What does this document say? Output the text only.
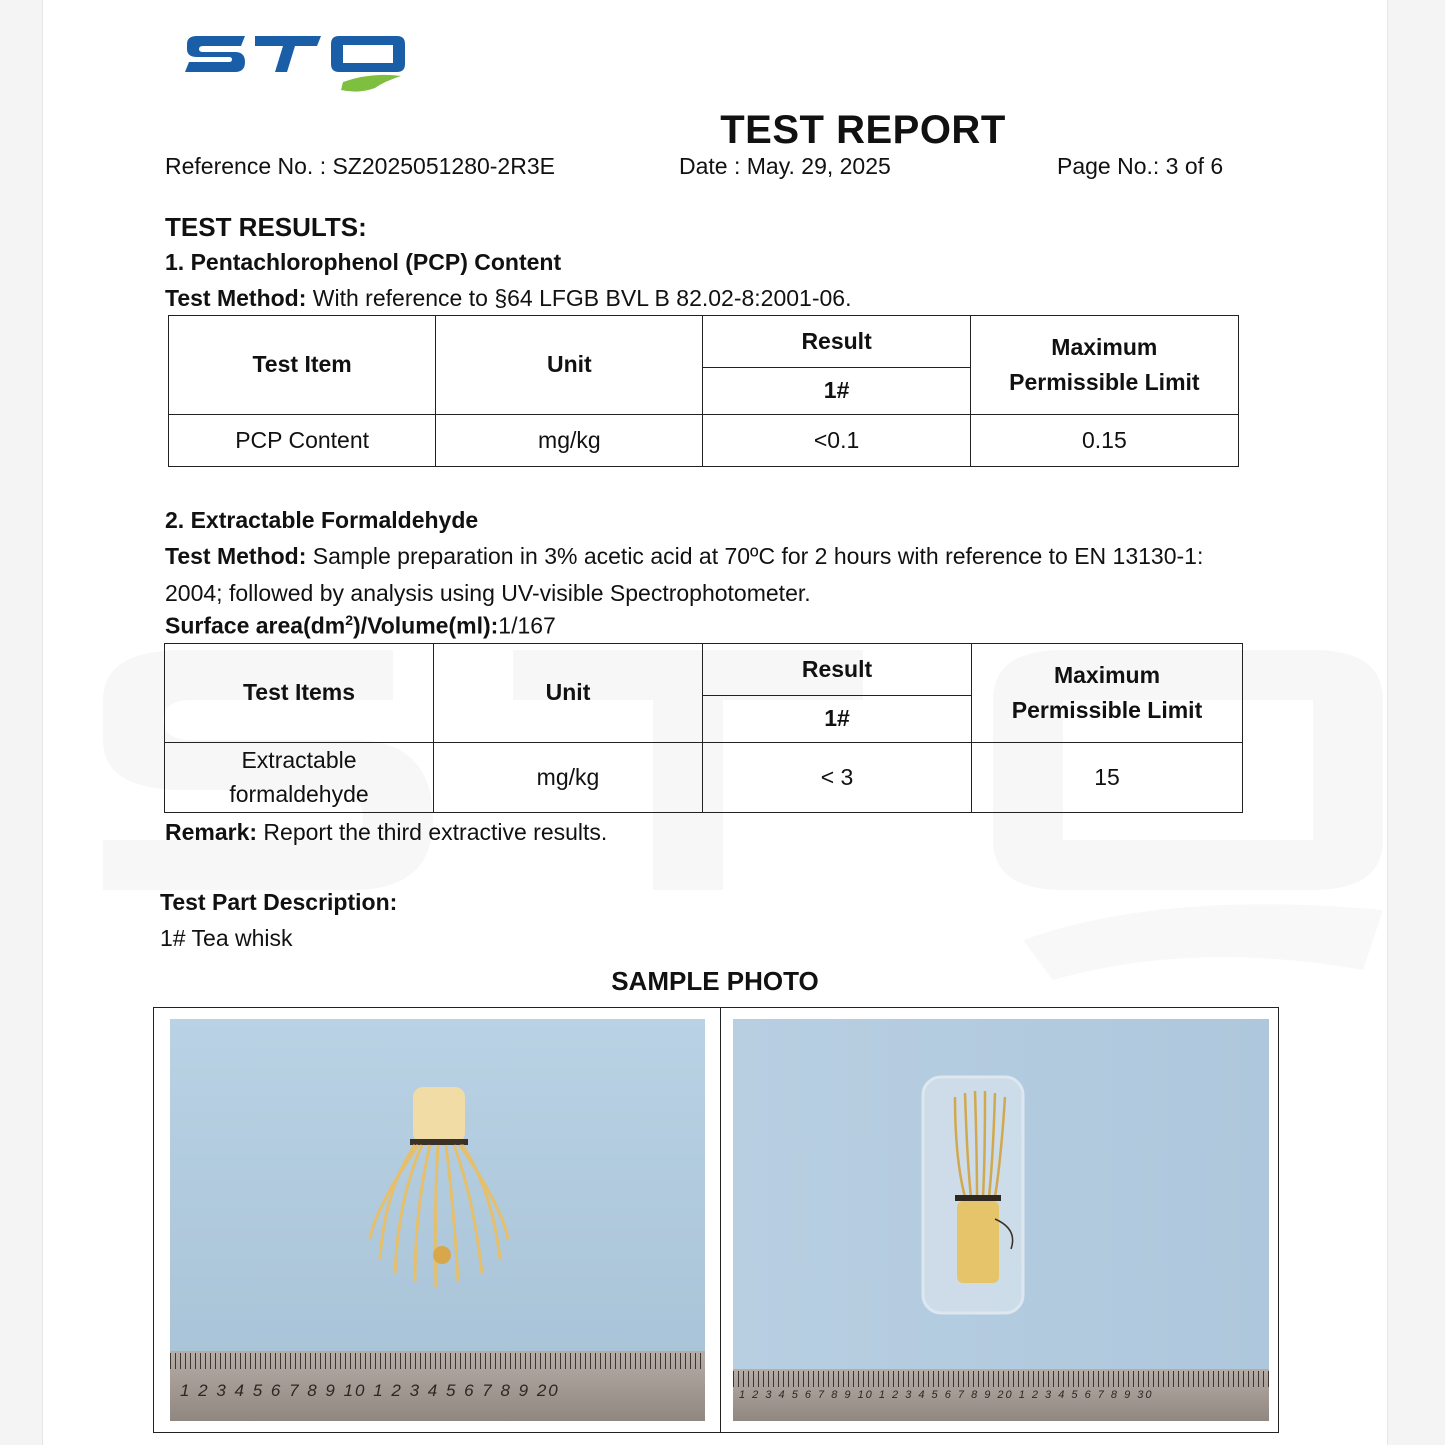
TEST REPORT
Reference No. : SZ2025051280-2R3E	Date : May. 29, 2025	Page No.: 3 of 6
TEST RESULTS:
1. Pentachlorophenol (PCP) Content
Test Method: With reference to §64 LFGB BVL B 82.02-8:2001-06.
Test Item	Unit	Result	Maximum
Permissible Limit

		1#	
PCP Content	mg/kg	<0.1	0.15
2. Extractable Formaldehyde
Test Method: Sample preparation in 3% acetic acid at 70ºC for 2 hours with reference to EN 13130-1:
2004; followed by analysis using UV-visible Spectrophotometer.
Surface $area(dm^2)/Volume(ml):1/167$
Test Items	Unit	Result	Maximum
Permissible Limit

		1#	

Extractable
formaldehyde	mg/kg	< 3	15
Remark: Report the third extractive results.
Test Part Description:
1# Tea whisk
SAMPLE PHOTO
1 2 3 4 5 6 7 8 9 10 1 2 3 4 5 6 7 8 9 20	1 2 3 4 5 6 7 8 9 10 1 2 3 4 5 6 7 8 9 20 1 2 3 4 5 6 7 8 9 30
